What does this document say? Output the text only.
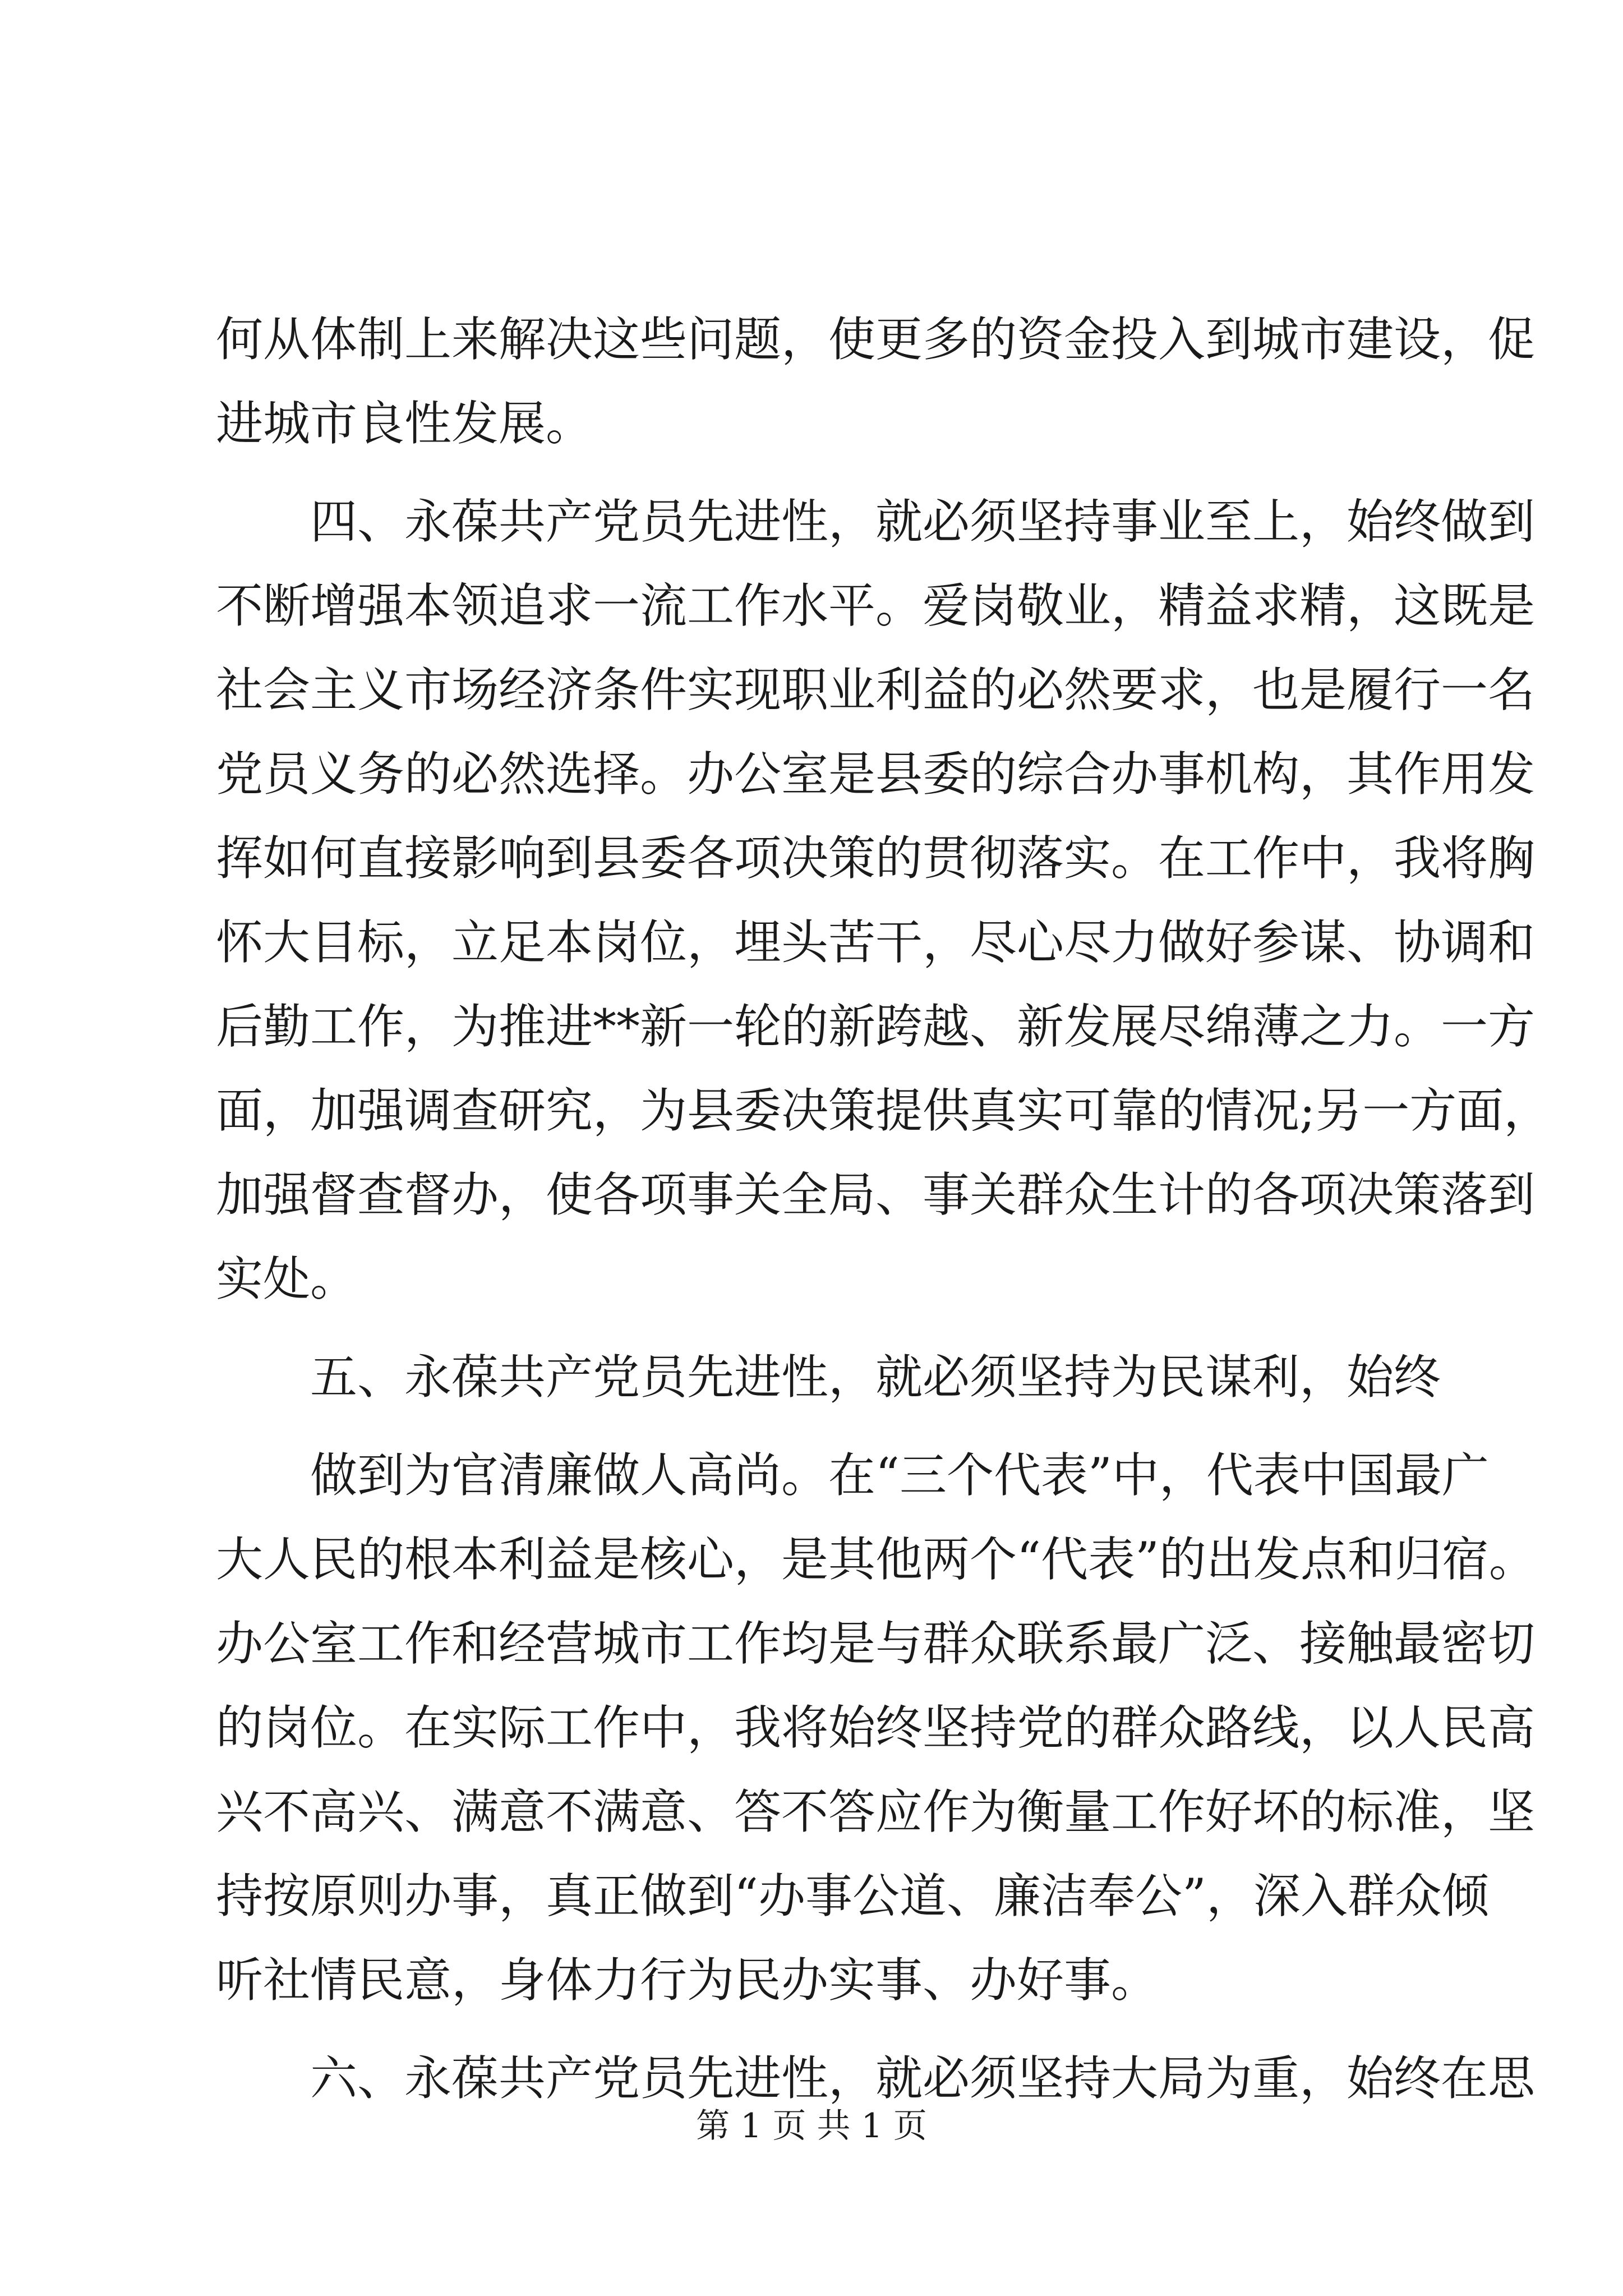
何从体制上来解决这些问题，使更多的资金投入到城市建设，促
进城市良性发展。
　　四、永葆共产党员先进性，就必须坚持事业至上，始终做到
不断增强本领追求一流工作水平。爱岗敬业，精益求精，这既是
社会主义市场经济条件实现职业利益的必然要求，也是履行一名
党员义务的必然选择。办公室是县委的综合办事机构，其作用发
挥如何直接影响到县委各项决策的贯彻落实。在工作中，我将胸
怀大目标，立足本岗位，埋头苦干，尽心尽力做好参谋、协调和
后勤工作，为推进**新一轮的新跨越、新发展尽绵薄之力。一方
面，加强调查研究，为县委决策提供真实可靠的情况;另一方面，
加强督查督办，使各项事关全局、事关群众生计的各项决策落到
实处。
　　五、永葆共产党员先进性，就必须坚持为民谋利，始终
　　做到为官清廉做人高尚。在“三个代表”中，代表中国最广
大人民的根本利益是核心，是其他两个“代表”的出发点和归宿。
办公室工作和经营城市工作均是与群众联系最广泛、接触最密切
的岗位。在实际工作中，我将始终坚持党的群众路线，以人民高
兴不高兴、满意不满意、答不答应作为衡量工作好坏的标准，坚
持按原则办事，真正做到“办事公道、廉洁奉公”，深入群众倾
听社情民意，身体力行为民办实事、办好事。
　　六、永葆共产党员先进性，就必须坚持大局为重，始终在思
第 1 页 共 1 页
